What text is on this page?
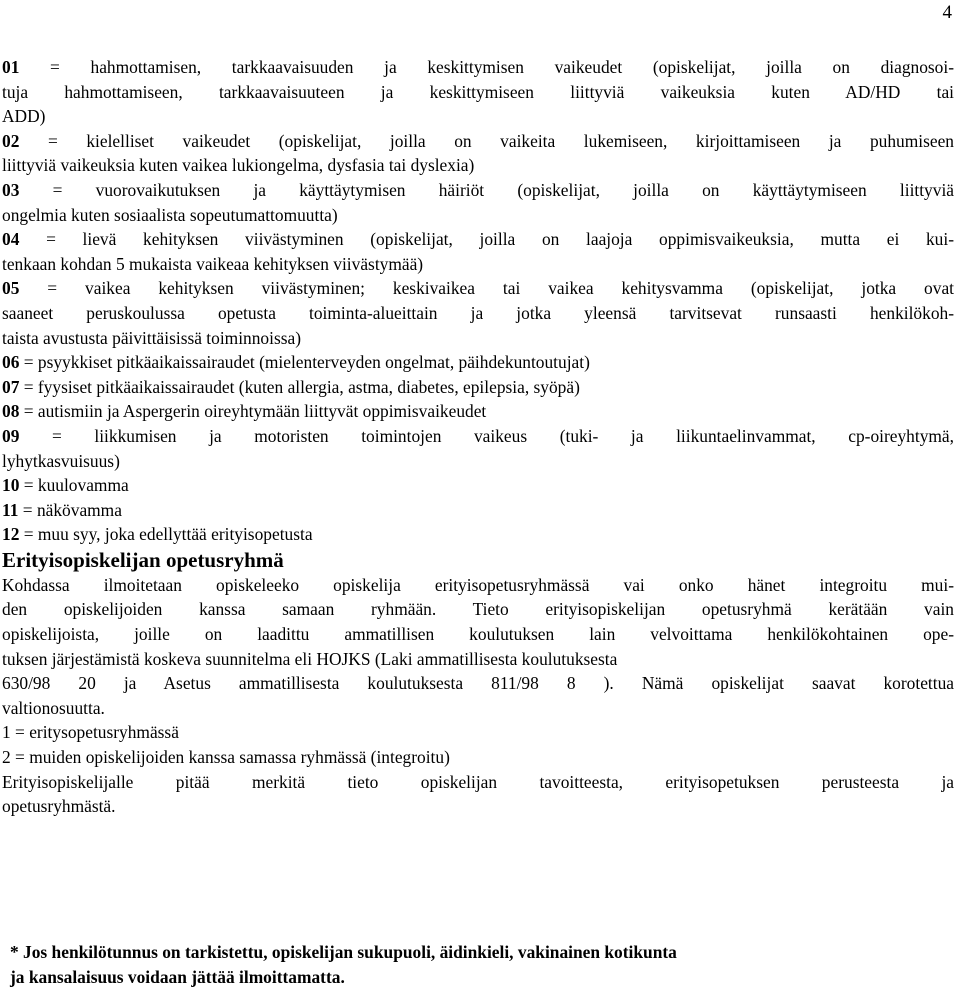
4
01 = hahmottamisen, tarkkaavaisuuden ja keskittymisen vaikeudet (opiskelijat, joilla on diagnosoi-
tuja hahmottamiseen, tarkkaavaisuuteen ja keskittymiseen liittyviä vaikeuksia kuten AD/HD tai
ADD)
02 = kielelliset vaikeudet (opiskelijat, joilla on vaikeita lukemiseen, kirjoittamiseen ja puhumiseen
liittyviä vaikeuksia kuten vaikea lukiongelma, dysfasia tai dyslexia)
03 = vuorovaikutuksen ja käyttäytymisen häiriöt (opiskelijat, joilla on käyttäytymiseen liittyviä
ongelmia kuten sosiaalista sopeutumattomuutta)
04 = lievä kehityksen viivästyminen (opiskelijat, joilla on laajoja oppimisvaikeuksia, mutta ei kui-
tenkaan kohdan 5 mukaista vaikeaa kehityksen viivästymää)
05 = vaikea kehityksen viivästyminen; keskivaikea tai vaikea kehitysvamma (opiskelijat, jotka ovat
saaneet peruskoulussa opetusta toiminta-alueittain ja jotka yleensä tarvitsevat runsaasti henkilökoh-
taista avustusta päivittäisissä toiminnoissa)
06 = psyykkiset pitkäaikaissairaudet (mielenterveyden ongelmat, päihdekuntoutujat)
07 = fyysiset pitkäaikaissairaudet (kuten allergia, astma, diabetes, epilepsia, syöpä)
08 = autismiin ja Aspergerin oireyhtymään liittyvät oppimisvaikeudet
09 = liikkumisen ja motoristen toimintojen vaikeus (tuki- ja liikuntaelinvammat, cp-oireyhtymä,
lyhytkasvuisuus)
10 = kuulovamma
11 = näkövamma
12 = muu syy, joka edellyttää erityisopetusta
Erityisopiskelijan opetusryhmä
Kohdassa ilmoitetaan opiskeleeko opiskelija erityisopetusryhmässä vai onko hänet integroitu mui-
den opiskelijoiden kanssa samaan ryhmään. Tieto erityisopiskelijan opetusryhmä kerätään vain
opiskelijoista, joille on laadittu ammatillisen koulutuksen lain velvoittama henkilökohtainen ope-
tuksen järjestämistä koskeva suunnitelma eli HOJKS (Laki ammatillisesta koulutuksesta
630/98 20 ja Asetus ammatillisesta koulutuksesta 811/98 8 ). Nämä opiskelijat saavat korotettua
valtionosuutta.
1 = eritysopetusryhmässä
2 = muiden opiskelijoiden kanssa samassa ryhmässä (integroitu)
Erityisopiskelijalle pitää merkitä tieto opiskelijan tavoitteesta, erityisopetuksen perusteesta ja
opetusryhmästä.
* Jos henkilötunnus on tarkistettu, opiskelijan sukupuoli, äidinkieli, vakinainen kotikunta
ja kansalaisuus voidaan jättää ilmoittamatta.
